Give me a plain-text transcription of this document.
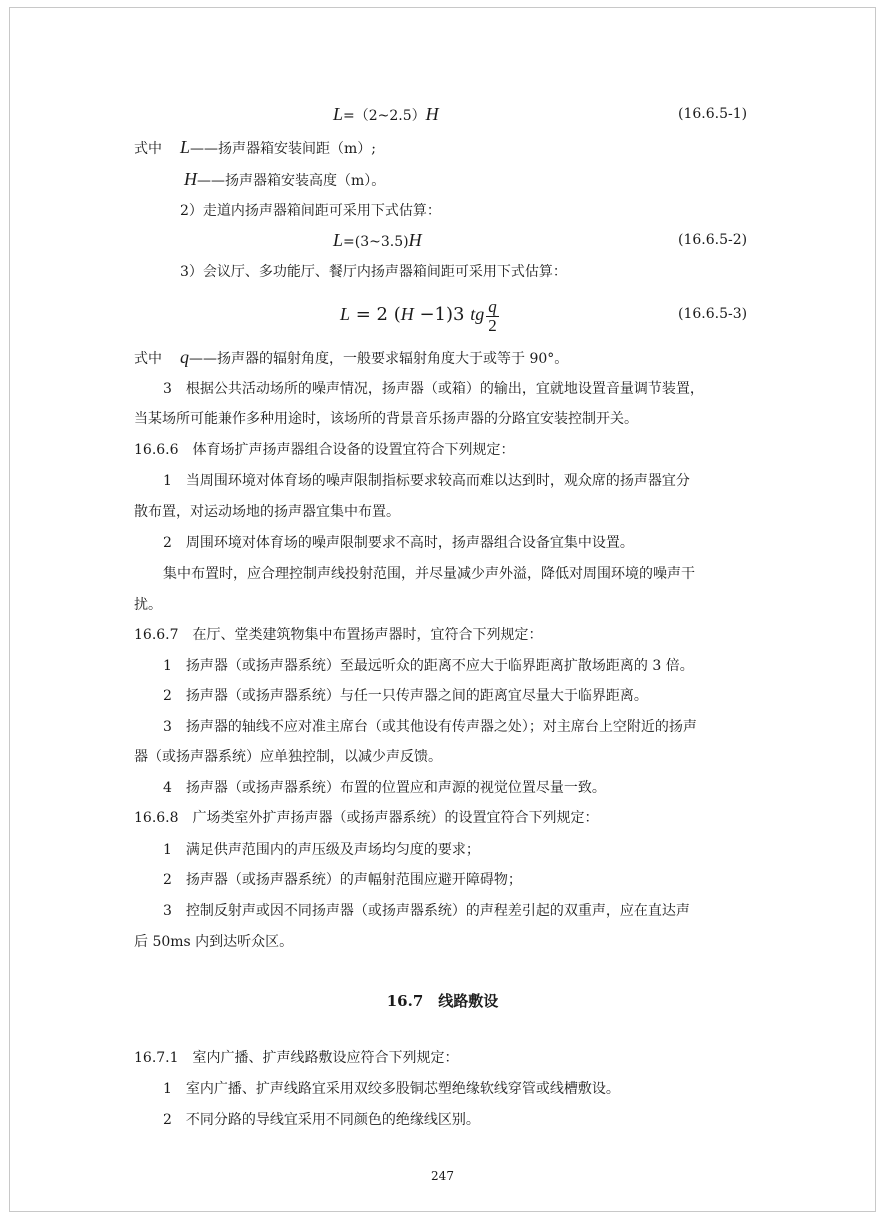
L=（2~2.5）H	(16.6.5-1)
式中 L——扬声器箱安装间距（m）;
H——扬声器箱安装高度（m）。
2）走道内扬声器箱间距可采用下式估算：
L=(3~3.5)H	(16.6.5-2)
3）会议厅、多功能厅、餐厅内扬声器箱间距可采用下式估算：
L = 2 (H −1)3 tg $\frac{q}{2}$	(16.6.5-3)
式中 q——扬声器的辐射角度，一般要求辐射角度大于或等于 90°。
3　根据公共活动场所的噪声情况，扬声器（或箱）的输出，宜就地设置音量调节装置，
当某场所可能兼作多种用途时，该场所的背景音乐扬声器的分路宜安装控制开关。
16.6.6　体育场扩声扬声器组合设备的设置宜符合下列规定：
1　当周围环境对体育场的噪声限制指标要求较高而难以达到时，观众席的扬声器宜分
散布置，对运动场地的扬声器宜集中布置。
2　周围环境对体育场的噪声限制要求不高时，扬声器组合设备宜集中设置。
集中布置时，应合理控制声线投射范围，并尽量减少声外溢，降低对周围环境的噪声干
扰。
16.6.7　在厅、堂类建筑物集中布置扬声器时，宜符合下列规定：
1　扬声器（或扬声器系统）至最远听众的距离不应大于临界距离扩散场距离的 3 倍。
2　扬声器（或扬声器系统）与任一只传声器之间的距离宜尽量大于临界距离。
3　扬声器的轴线不应对准主席台（或其他设有传声器之处）；对主席台上空附近的扬声
器（或扬声器系统）应单独控制，以减少声反馈。
4　扬声器（或扬声器系统）布置的位置应和声源的视觉位置尽量一致。
16.6.8　广场类室外扩声扬声器（或扬声器系统）的设置宜符合下列规定：
1　满足供声范围内的声压级及声场均匀度的要求；
2　扬声器（或扬声器系统）的声幅射范围应避开障碍物；
3　控制反射声或因不同扬声器（或扬声器系统）的声程差引起的双重声，应在直达声
后 50ms 内到达听众区。
16.7　线路敷设
16.7.1　室内广播、扩声线路敷设应符合下列规定：
1　室内广播、扩声线路宜采用双绞多股铜芯塑绝缘软线穿管或线槽敷设。
2　不同分路的导线宜采用不同颜色的绝缘线区别。
247
